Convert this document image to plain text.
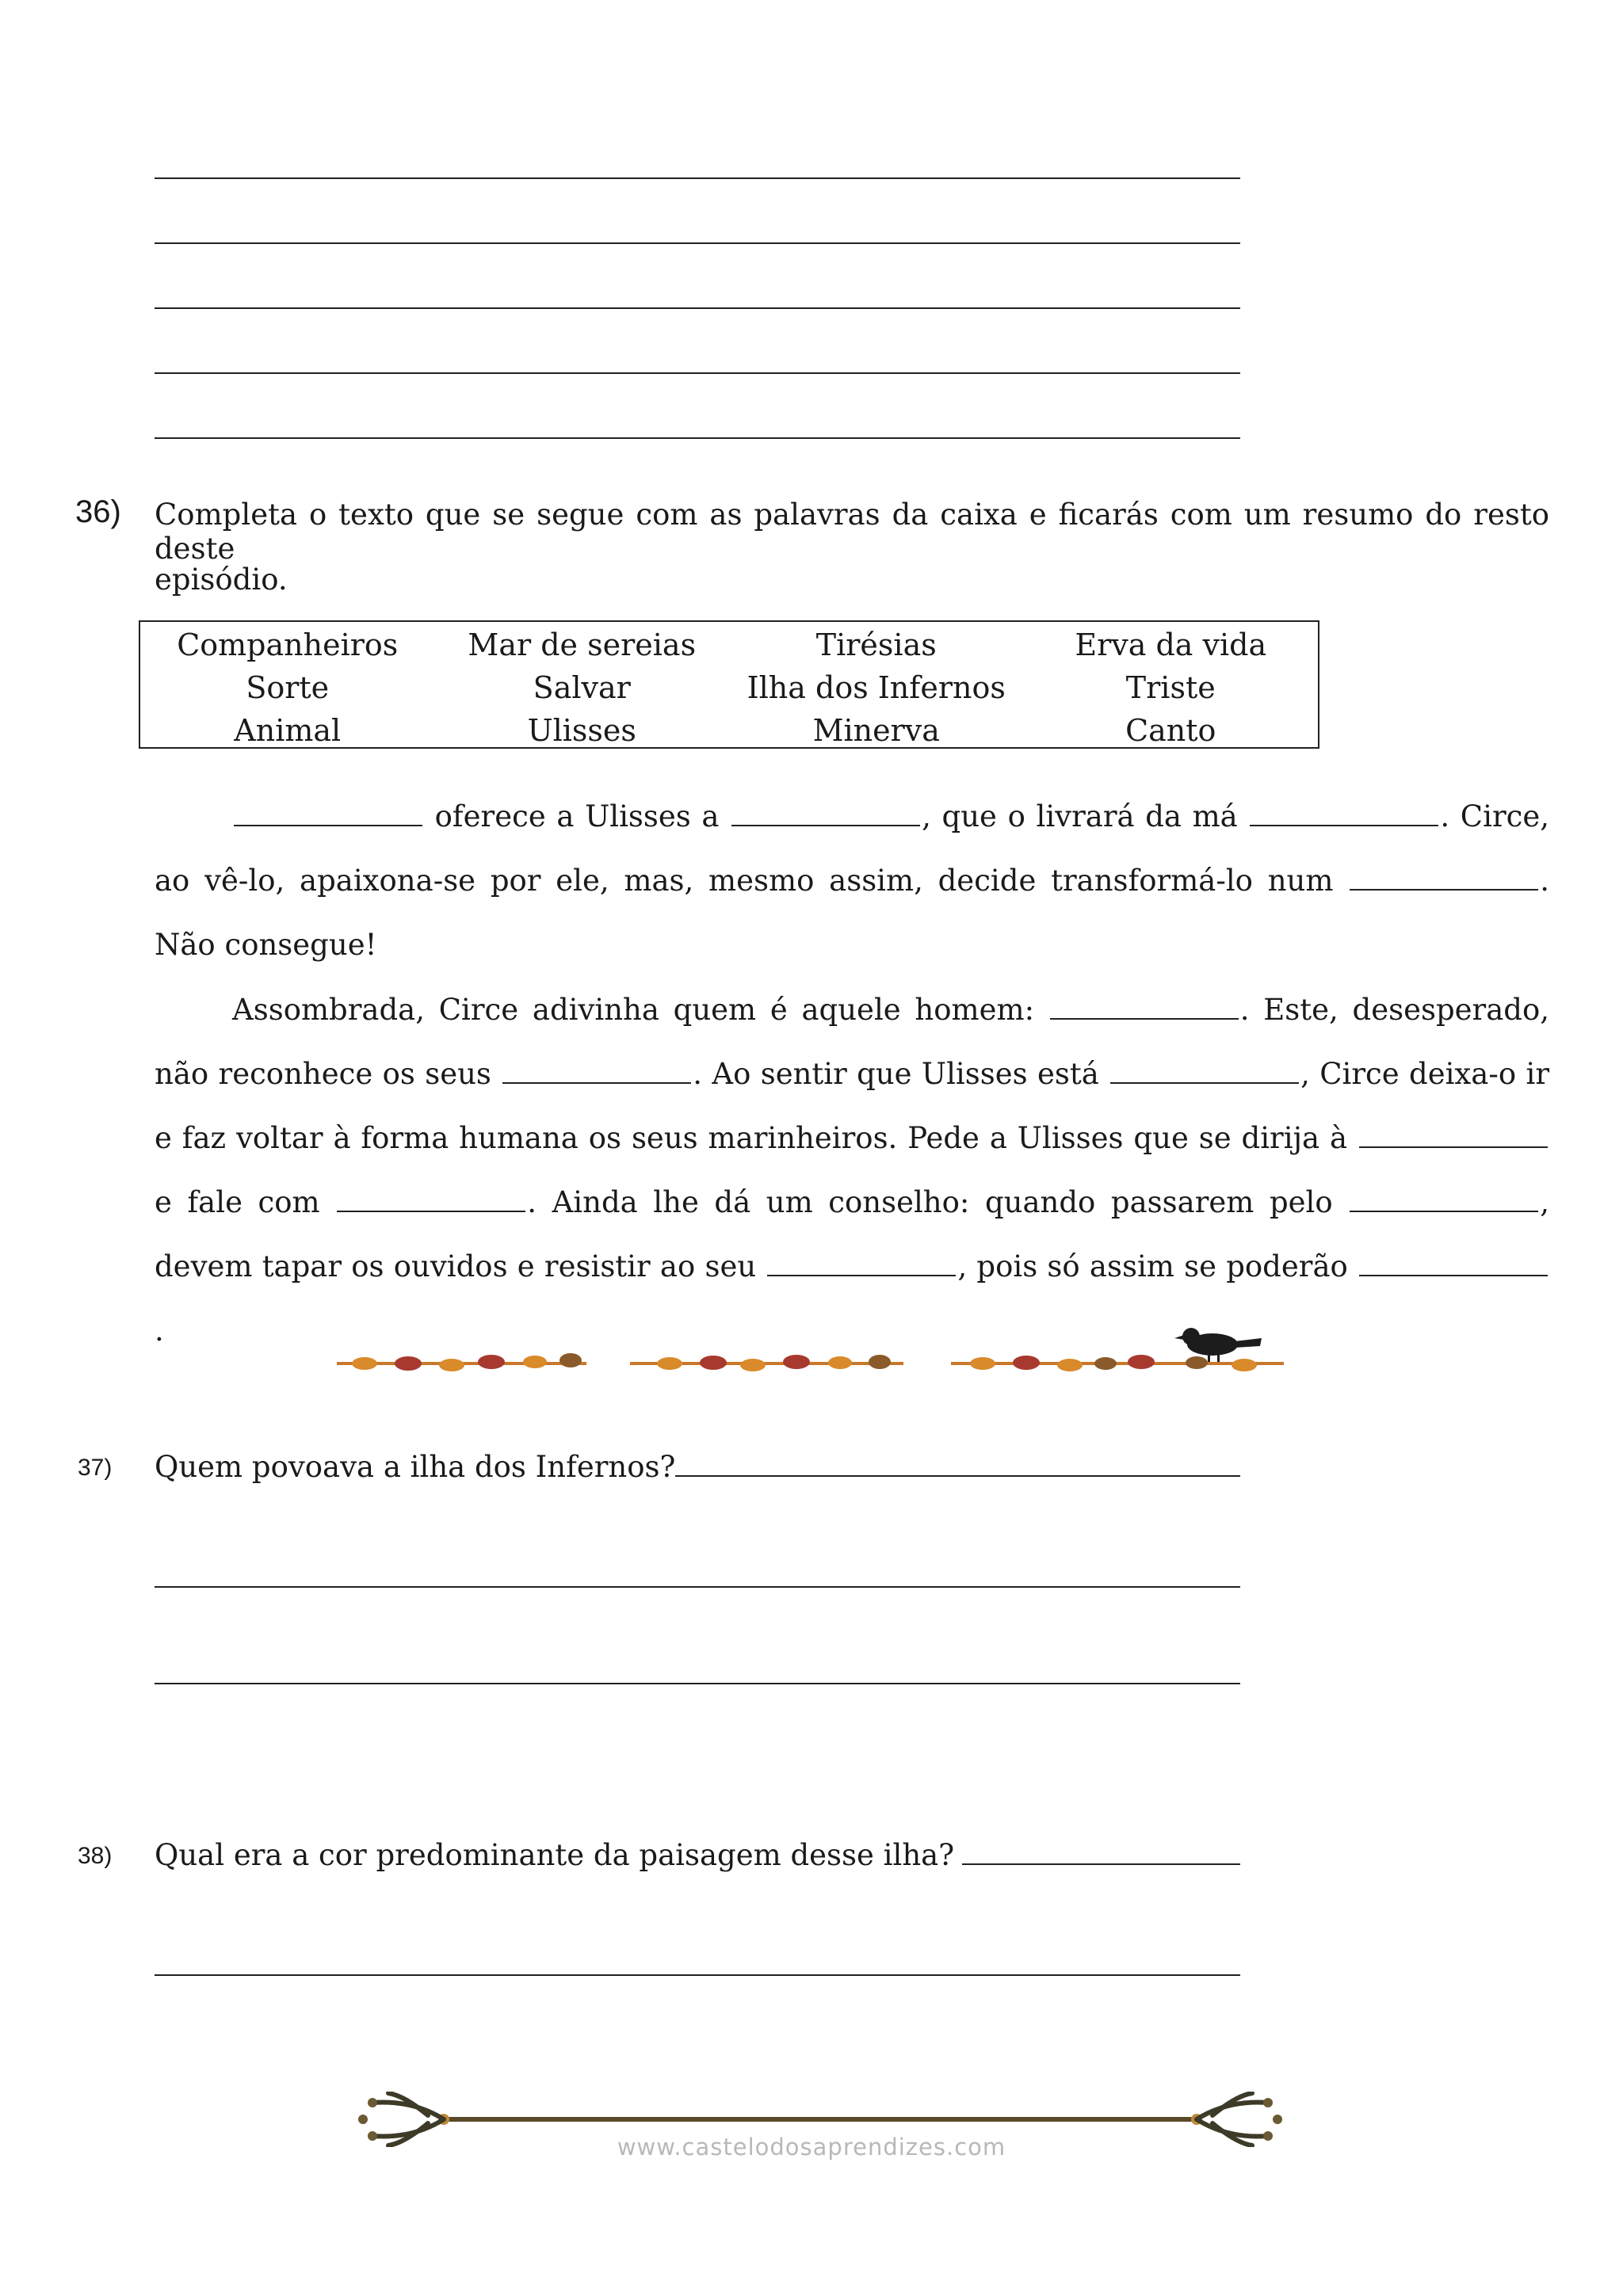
36) Completa o texto que se segue com as palavras da caixa e ficarás com um resumo do resto deste
episódio.
Companheiros	Mar de sereias	Tirésias	Erva da vida
Sorte	Salvar	Ilha dos Infernos	Triste
Animal	Ulisses	Minerva	Canto
oferece a Ulisses a	, que o livrará da má	. Circe, ao vê-lo, apaixona-se por ele, mas, mesmo assim, decide transformá-lo num	. Não consegue!
Assombrada, Circe adivinha quem é aquele homem:	. Este, desesperado, não reconhece os seus	. Ao sentir que Ulisses está	, Circe deixa-o ir e faz voltar à forma humana os seus marinheiros. Pede a Ulisses que se dirija à  e fale com	. Ainda lhe dá um conselho: quando passarem pelo	, devem tapar os ouvidos e resistir ao seu	, pois só assim se poderão .
37) Quem povoava a ilha dos Infernos?
38) Qual era a cor predominante da paisagem desse ilha?
www.castelodosaprendizes.com
